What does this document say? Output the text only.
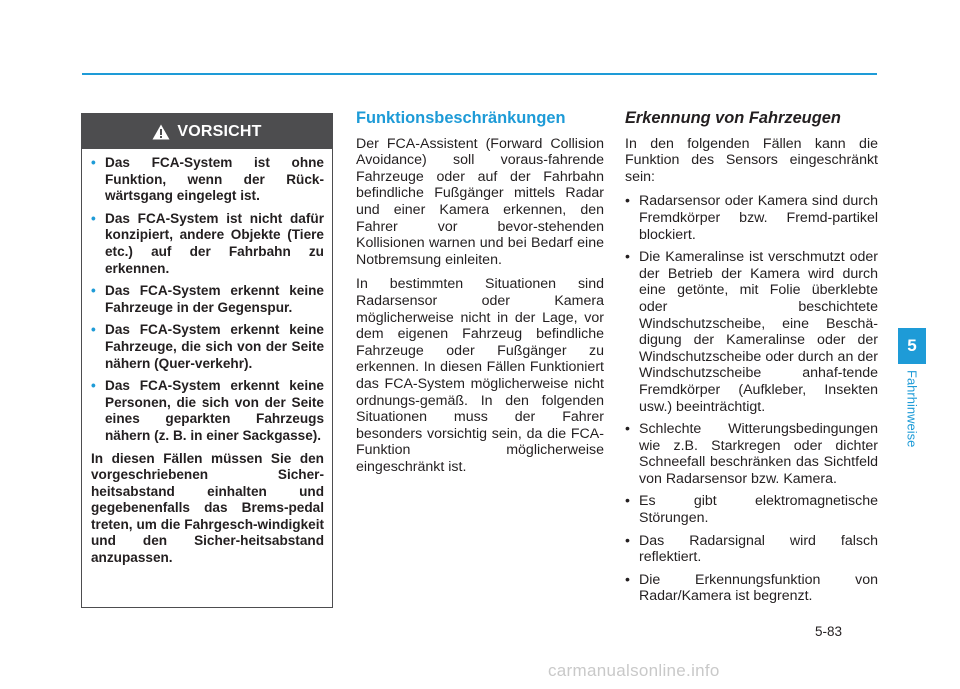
VORSICHT
• Das FCA-System ist ohne Funktion, wenn der Rück-wärtsgang eingelegt ist.
• Das FCA-System ist nicht dafür konzipiert, andere Objekte (Tiere etc.) auf der Fahrbahn zu erkennen.
• Das FCA-System erkennt keine Fahrzeuge in der Gegenspur.
• Das FCA-System erkennt keine Fahrzeuge, die sich von der Seite nähern (Quer-verkehr).
• Das FCA-System erkennt keine Personen, die sich von der Seite eines geparkten Fahrzeugs nähern (z. B. in einer Sackgasse).
In diesen Fällen müssen Sie den vorgeschriebenen Sicher-heitsabstand einhalten und gegebenenfalls das Brems-pedal treten, um die Fahrgesch-windigkeit und den Sicher-heitsabstand anzupassen.
Funktionsbeschränkungen

Der FCA-Assistent (Forward Collision Avoidance) soll voraus-fahrende Fahrzeuge oder auf der Fahrbahn befindliche Fußgänger mittels Radar und einer Kamera erkennen, den Fahrer vor bevor-stehenden Kollisionen warnen und bei Bedarf eine Notbremsung einleiten.

In bestimmten Situationen sind Radarsensor oder Kamera möglicherweise nicht in der Lage, vor dem eigenen Fahrzeug befindliche Fahrzeuge oder Fußgänger zu erkennen. In diesen Fällen Funktioniert das FCA-System möglicherweise nicht ordnungs-gemäß. In den folgenden Situationen muss der Fahrer besonders vorsichtig sein, da die FCA-Funktion möglicherweise eingeschränkt ist.

Erkennung von Fahrzeugen

In den folgenden Fällen kann die Funktion des Sensors eingeschränkt sein:

• Radarsensor oder Kamera sind durch Fremdkörper bzw. Fremd-partikel blockiert.
• Die Kameralinse ist verschmutzt oder der Betrieb der Kamera wird durch eine getönte, mit Folie überklebte oder beschichtete Windschutzscheibe, eine Beschä-digung der Kameralinse oder der Windschutzscheibe oder durch an der Windschutzscheibe anhaf-tende Fremdkörper (Aufkleber, Insekten usw.) beeinträchtigt.
• Schlechte Witterungsbedingungen wie z.B. Starkregen oder dichter Schneefall beschränken das Sichtfeld von Radarsensor bzw. Kamera.
• Es gibt elektromagnetische Störungen.
• Das Radarsignal wird falsch reflektiert.
• Die Erkennungsfunktion von Radar/Kamera ist begrenzt.
5
Fahrhinweise
5-83
carmanualsonline.info
